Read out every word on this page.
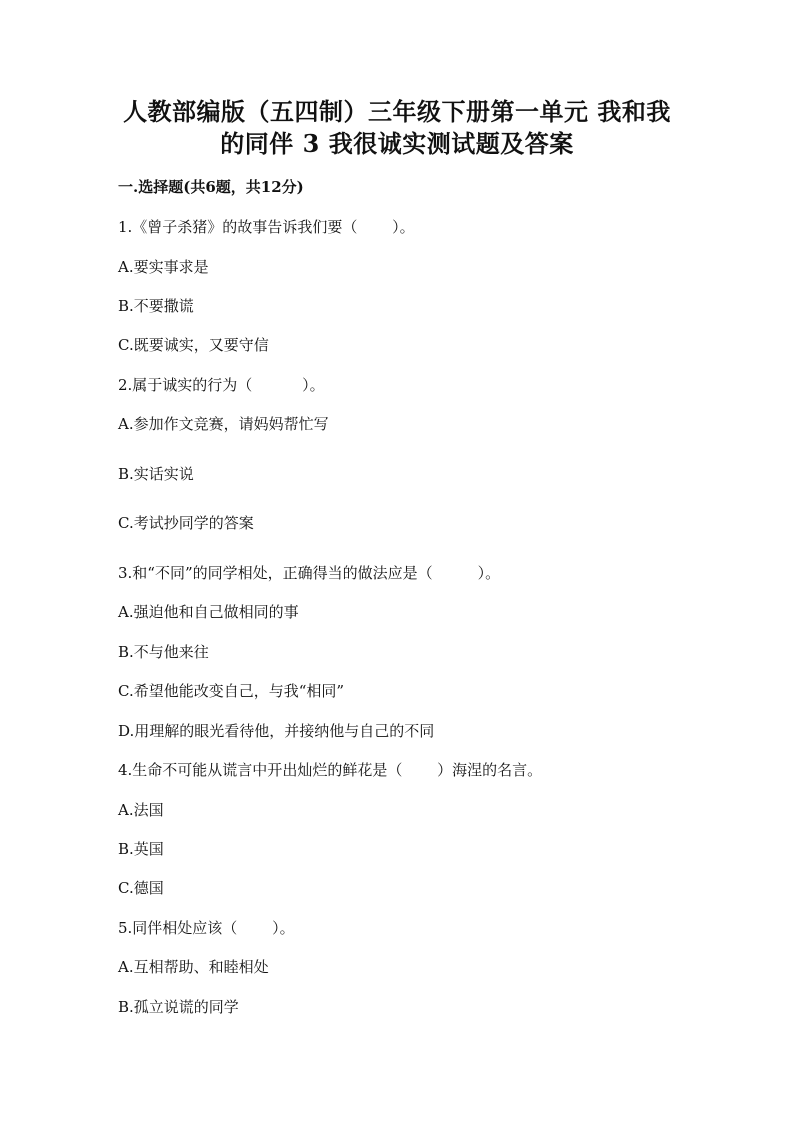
人教部编版（五四制）三年级下册第一单元 我和我
的同伴 3 我很诚实测试题及答案
一.选择题(共6题，共12分)
1.《曾子杀猪》的故事告诉我们要（　　 ）。
A.要实事求是
B.不要撒谎
C.既要诚实，又要守信
2.属于诚实的行为（　　　 ）。
A.参加作文竞赛，请妈妈帮忙写
B.实话实说
C.考试抄同学的答案
3.和“不同”的同学相处，正确得当的做法应是（　　　）。
A.强迫他和自己做相同的事
B.不与他来往
C.希望他能改变自己，与我“相同”
D.用理解的眼光看待他，并接纳他与自己的不同
4.生命不可能从谎言中开出灿烂的鲜花是（　　 ）海涅的名言。
A.法国
B.英国
C.德国
5.同伴相处应该（　　 ）。
A.互相帮助、和睦相处
B.孤立说谎的同学
